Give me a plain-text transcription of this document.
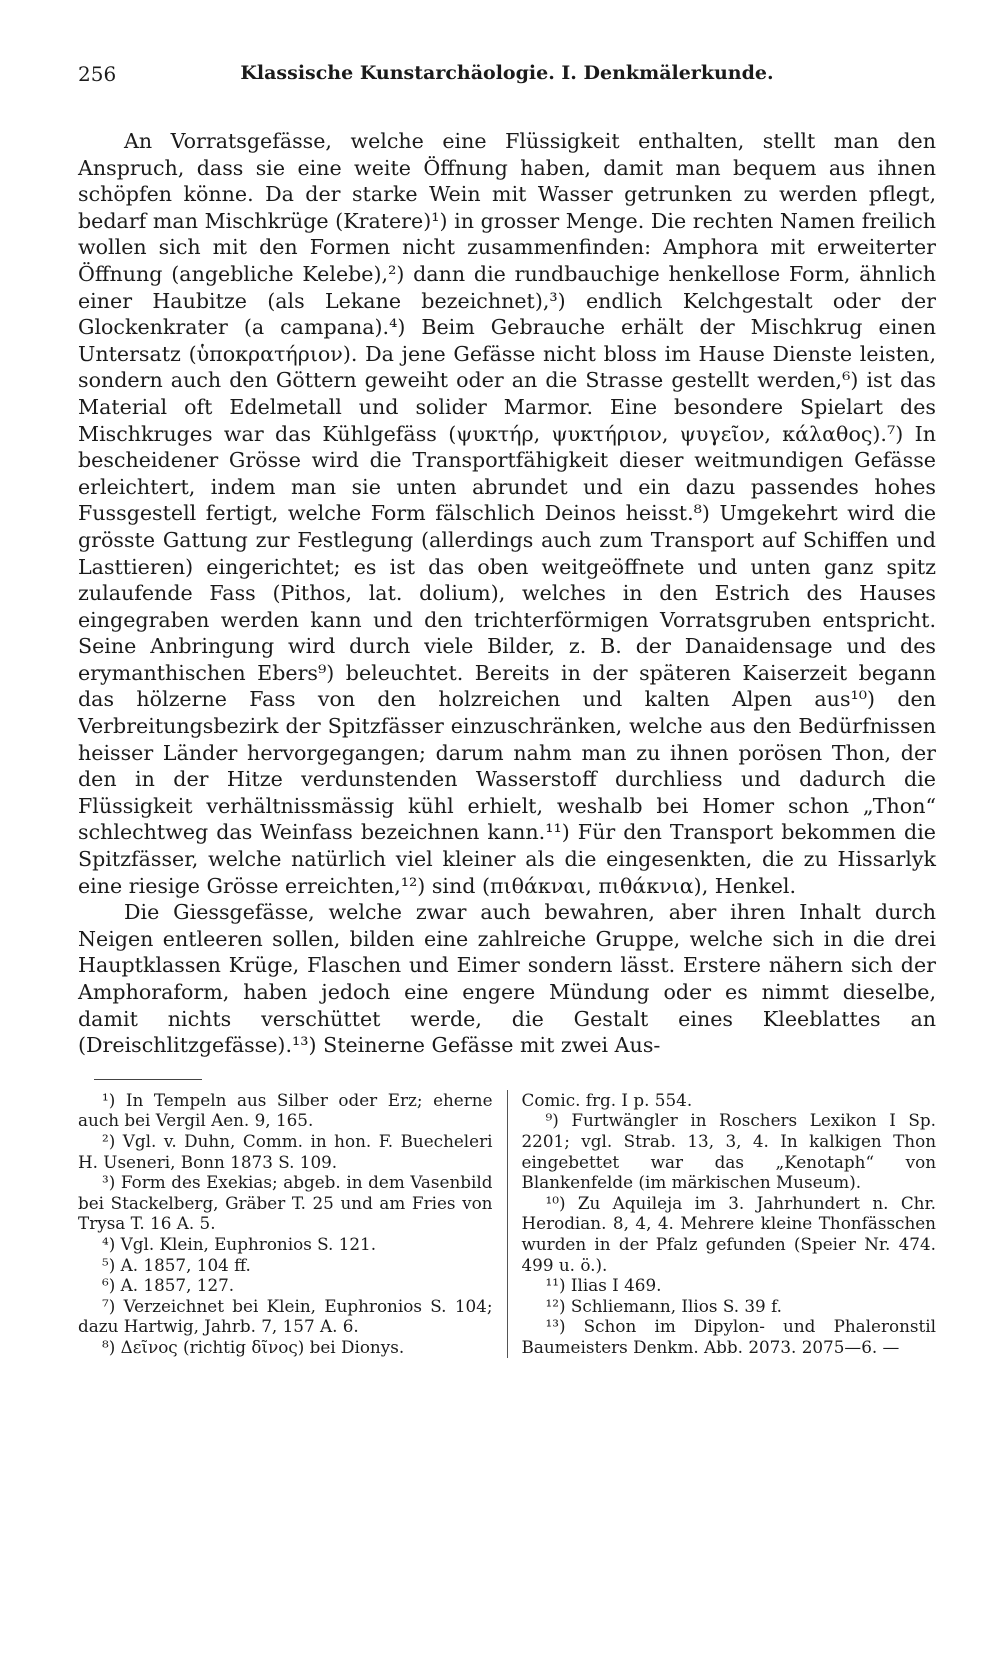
256	Klassische Kunstarchäologie. I. Denkmälerkunde.

An Vorratsgefässe, welche eine Flüssigkeit enthalten, stellt man den Anspruch, dass sie eine weite Öffnung haben, damit man bequem aus ihnen schöpfen könne. Da der starke Wein mit Wasser getrunken zu werden pflegt, bedarf man Mischkrüge (Kratere)¹) in grosser Menge. Die rechten Namen freilich wollen sich mit den Formen nicht zusammenfinden: Amphora mit erweiterter Öffnung (angebliche Kelebe),²) dann die rundbauchige henkellose Form, ähnlich einer Haubitze (als Lekane bezeichnet),³) endlich Kelchgestalt oder der Glockenkrater (a campana).⁴) Beim Gebrauche erhält der Mischkrug einen Untersatz (ὑποκρατήριον). Da jene Gefässe nicht bloss im Hause Dienste leisten, sondern auch den Göttern geweiht oder an die Strasse gestellt werden,⁶) ist das Material oft Edelmetall und solider Marmor. Eine besondere Spielart des Mischkruges war das Kühlgefäss (ψυκτήρ, ψυκτήριον, ψυγεῖον, κάλαθος).⁷) In bescheidener Grösse wird die Transportfähigkeit dieser weitmundigen Gefässe erleichtert, indem man sie unten abrundet und ein dazu passendes hohes Fussgestell fertigt, welche Form fälschlich Deinos heisst.⁸) Umgekehrt wird die grösste Gattung zur Festlegung (allerdings auch zum Transport auf Schiffen und Lasttieren) eingerichtet; es ist das oben weitgeöffnete und unten ganz spitz zulaufende Fass (Pithos, lat. dolium), welches in den Estrich des Hauses eingegraben werden kann und den trichterförmigen Vorratsgruben entspricht. Seine Anbringung wird durch viele Bilder, z. B. der Danaidensage und des erymanthischen Ebers⁹) beleuchtet. Bereits in der späteren Kaiserzeit begann das hölzerne Fass von den holzreichen und kalten Alpen aus¹⁰) den Verbreitungsbezirk der Spitzfässer einzuschränken, welche aus den Bedürfnissen heisser Länder hervorgegangen; darum nahm man zu ihnen porösen Thon, der den in der Hitze verdunstenden Wasserstoff durchliess und dadurch die Flüssigkeit verhältnissmässig kühl erhielt, weshalb bei Homer schon „Thon“ schlechtweg das Weinfass bezeichnen kann.¹¹) Für den Transport bekommen die Spitzfässer, welche natürlich viel kleiner als die eingesenkten, die zu Hissarlyk eine riesige Grösse erreichten,¹²) sind (πιθάκναι, πιθάκνια), Henkel.

Die Giessgefässe, welche zwar auch bewahren, aber ihren Inhalt durch Neigen entleeren sollen, bilden eine zahlreiche Gruppe, welche sich in die drei Hauptklassen Krüge, Flaschen und Eimer sondern lässt. Erstere nähern sich der Amphoraform, haben jedoch eine engere Mündung oder es nimmt dieselbe, damit nichts verschüttet werde, die Gestalt eines Kleeblattes an (Dreischlitzgefässe).¹³) Steinerne Gefässe mit zwei Aus-

¹) In Tempeln aus Silber oder Erz; eherne auch bei Vergil Aen. 9, 165.

²) Vgl. v. Duhn, Comm. in hon. F. Buecheleri H. Useneri, Bonn 1873 S. 109.

³) Form des Exekias; abgeb. in dem Vasenbild bei Stackelberg, Gräber T. 25 und am Fries von Trysa T. 16 A. 5.

⁴) Vgl. Klein, Euphronios S. 121.

⁵) A. 1857, 104 ff.

⁶) A. 1857, 127.

⁷) Verzeichnet bei Klein, Euphronios S. 104; dazu Hartwig, Jahrb. 7, 157 A. 6.

⁸) Δεῖνος (richtig δῖνος) bei Dionys.

Comic. frg. I p. 554.

⁹) Furtwängler in Roschers Lexikon I Sp. 2201; vgl. Strab. 13, 3, 4. In kalkigen Thon eingebettet war das „Kenotaph“ von Blankenfelde (im märkischen Museum).

¹⁰) Zu Aquileja im 3. Jahrhundert n. Chr. Herodian. 8, 4, 4. Mehrere kleine Thonfässchen wurden in der Pfalz gefunden (Speier Nr. 474. 499 u. ö.).

¹¹) Ilias I 469.

¹²) Schliemann, Ilios S. 39 f.

¹³) Schon im Dipylon- und Phaleronstil Baumeisters Denkm. Abb. 2073. 2075—6. —
